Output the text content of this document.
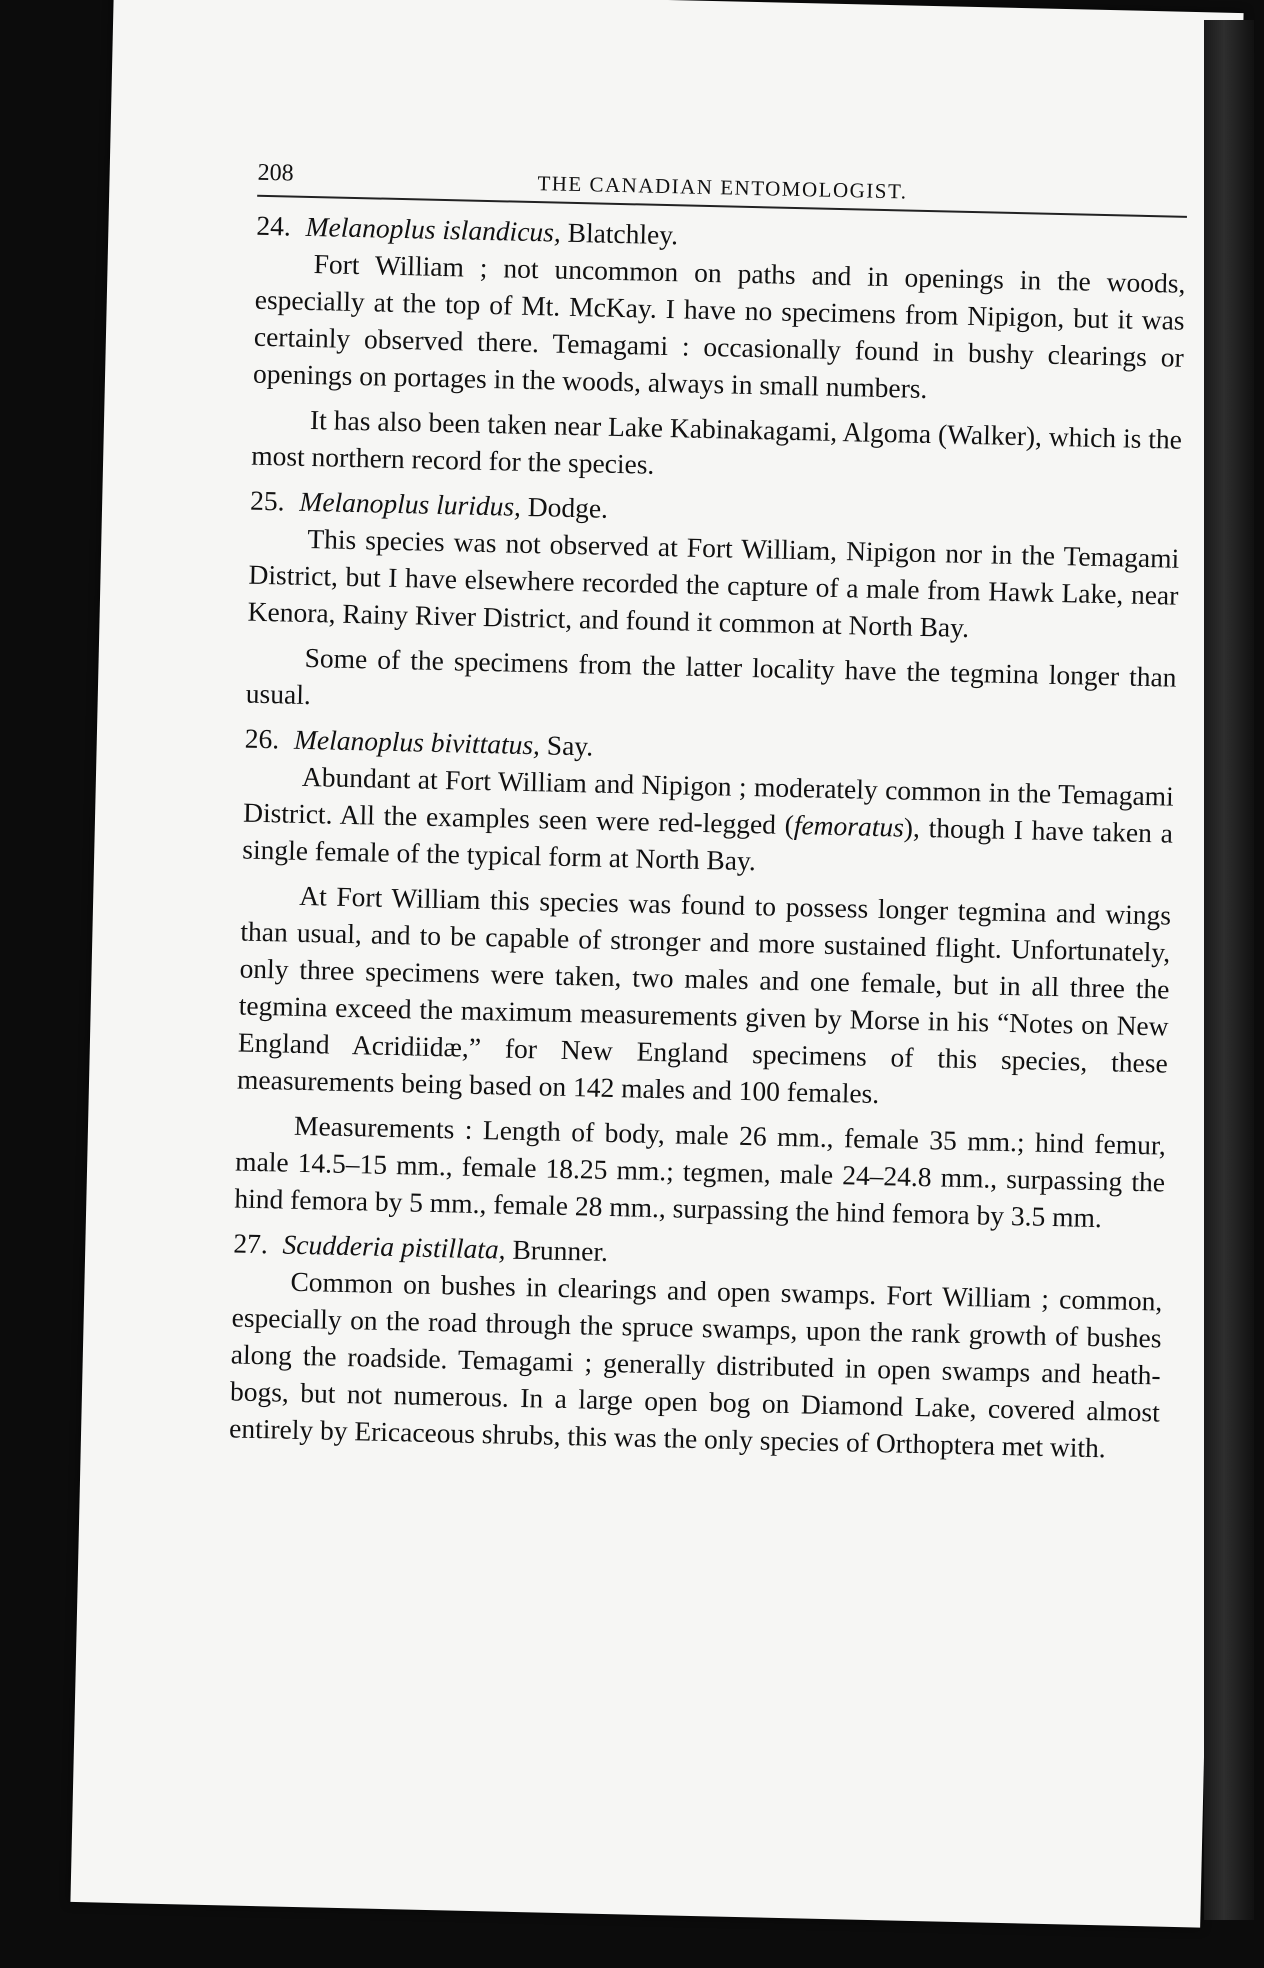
208	THE CANADIAN ENTOMOLOGIST.
24. Melanoplus islandicus, Blatchley.

Fort William ; not uncommon on paths and in openings in the woods, especially at the top of Mt. McKay. I have no specimens from Nipigon, but it was certainly observed there. Temagami : occasionally found in bushy clearings or openings on portages in the woods, always in small numbers.

It has also been taken near Lake Kabinakagami, Algoma (Walker), which is the most northern record for the species.

25. Melanoplus luridus, Dodge.

This species was not observed at Fort William, Nipigon nor in the Temagami District, but I have elsewhere recorded the capture of a male from Hawk Lake, near Kenora, Rainy River District, and found it common at North Bay.

Some of the specimens from the latter locality have the tegmina longer than usual.

26. Melanoplus bivittatus, Say.

Abundant at Fort William and Nipigon ; moderately common in the Temagami District. All the examples seen were red-legged (femoratus), though I have taken a single female of the typical form at North Bay.

At Fort William this species was found to possess longer tegmina and wings than usual, and to be capable of stronger and more sustained flight. Unfortunately, only three specimens were taken, two males and one female, but in all three the tegmina exceed the maximum measurements given by Morse in his “Notes on New England Acridiidæ,” for New England specimens of this species, these measurements being based on 142 males and 100 females.

Measurements : Length of body, male 26 mm., female 35 mm.; hind femur, male 14.5–15 mm., female 18.25 mm.; tegmen, male 24–24.8 mm., surpassing the hind femora by 5 mm., female 28 mm., surpassing the hind femora by 3.5 mm.

27. Scudderia pistillata, Brunner.

Common on bushes in clearings and open swamps. Fort William ; common, especially on the road through the spruce swamps, upon the rank growth of bushes along the roadside. Temagami ; generally distributed in open swamps and heath-bogs, but not numerous. In a large open bog on Diamond Lake, covered almost entirely by Ericaceous shrubs, this was the only species of Orthoptera met with.
